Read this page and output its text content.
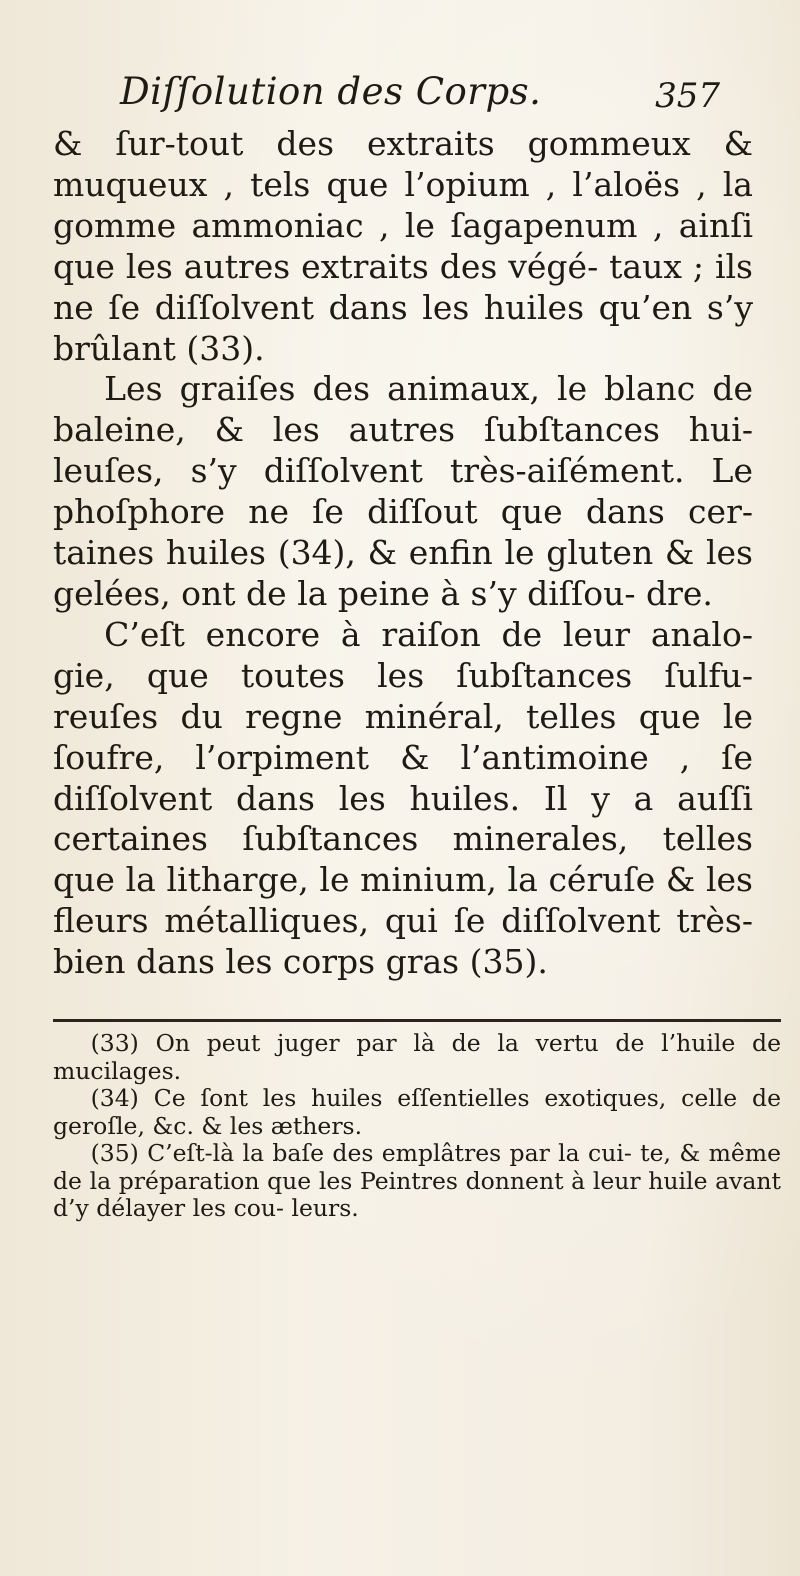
Diſſolution des Corps.	357

& ſur-tout des extraits gommeux & muqueux , tels que l’opium , l’aloës , la gomme ammoniac , le ſagapenum , ainſi que les autres extraits des végé- taux ; ils ne ſe diſſolvent dans les huiles qu’en s’y brûlant (33).

Les graiſes des animaux, le blanc de baleine, & les autres ſubſtances hui- leuſes, s’y diſſolvent très-aiſément. Le phoſphore ne ſe diſſout que dans cer- taines huiles (34), & enfin le gluten & les gelées, ont de la peine à s’y diſſou- dre.

C’eſt encore à raiſon de leur analo- gie, que toutes les ſubſtances ſulfu- reuſes du regne minéral, telles que le ſoufre, l’orpiment & l’antimoine , ſe diſſolvent dans les huiles. Il y a auſſi certaines ſubſtances minerales, telles que la litharge, le minium, la céruſe & les fleurs métalliques, qui ſe diſſolvent très-bien dans les corps gras (35).

(33) On peut juger par là de la vertu de l’huile de mucilages.

(34) Ce ſont les huiles eſſentielles exotiques, celle de geroſle, &c. & les æthers.

(35) C’eſt-là la baſe des emplâtres par la cui- te, & même de la préparation que les Peintres donnent à leur huile avant d’y délayer les cou- leurs.
